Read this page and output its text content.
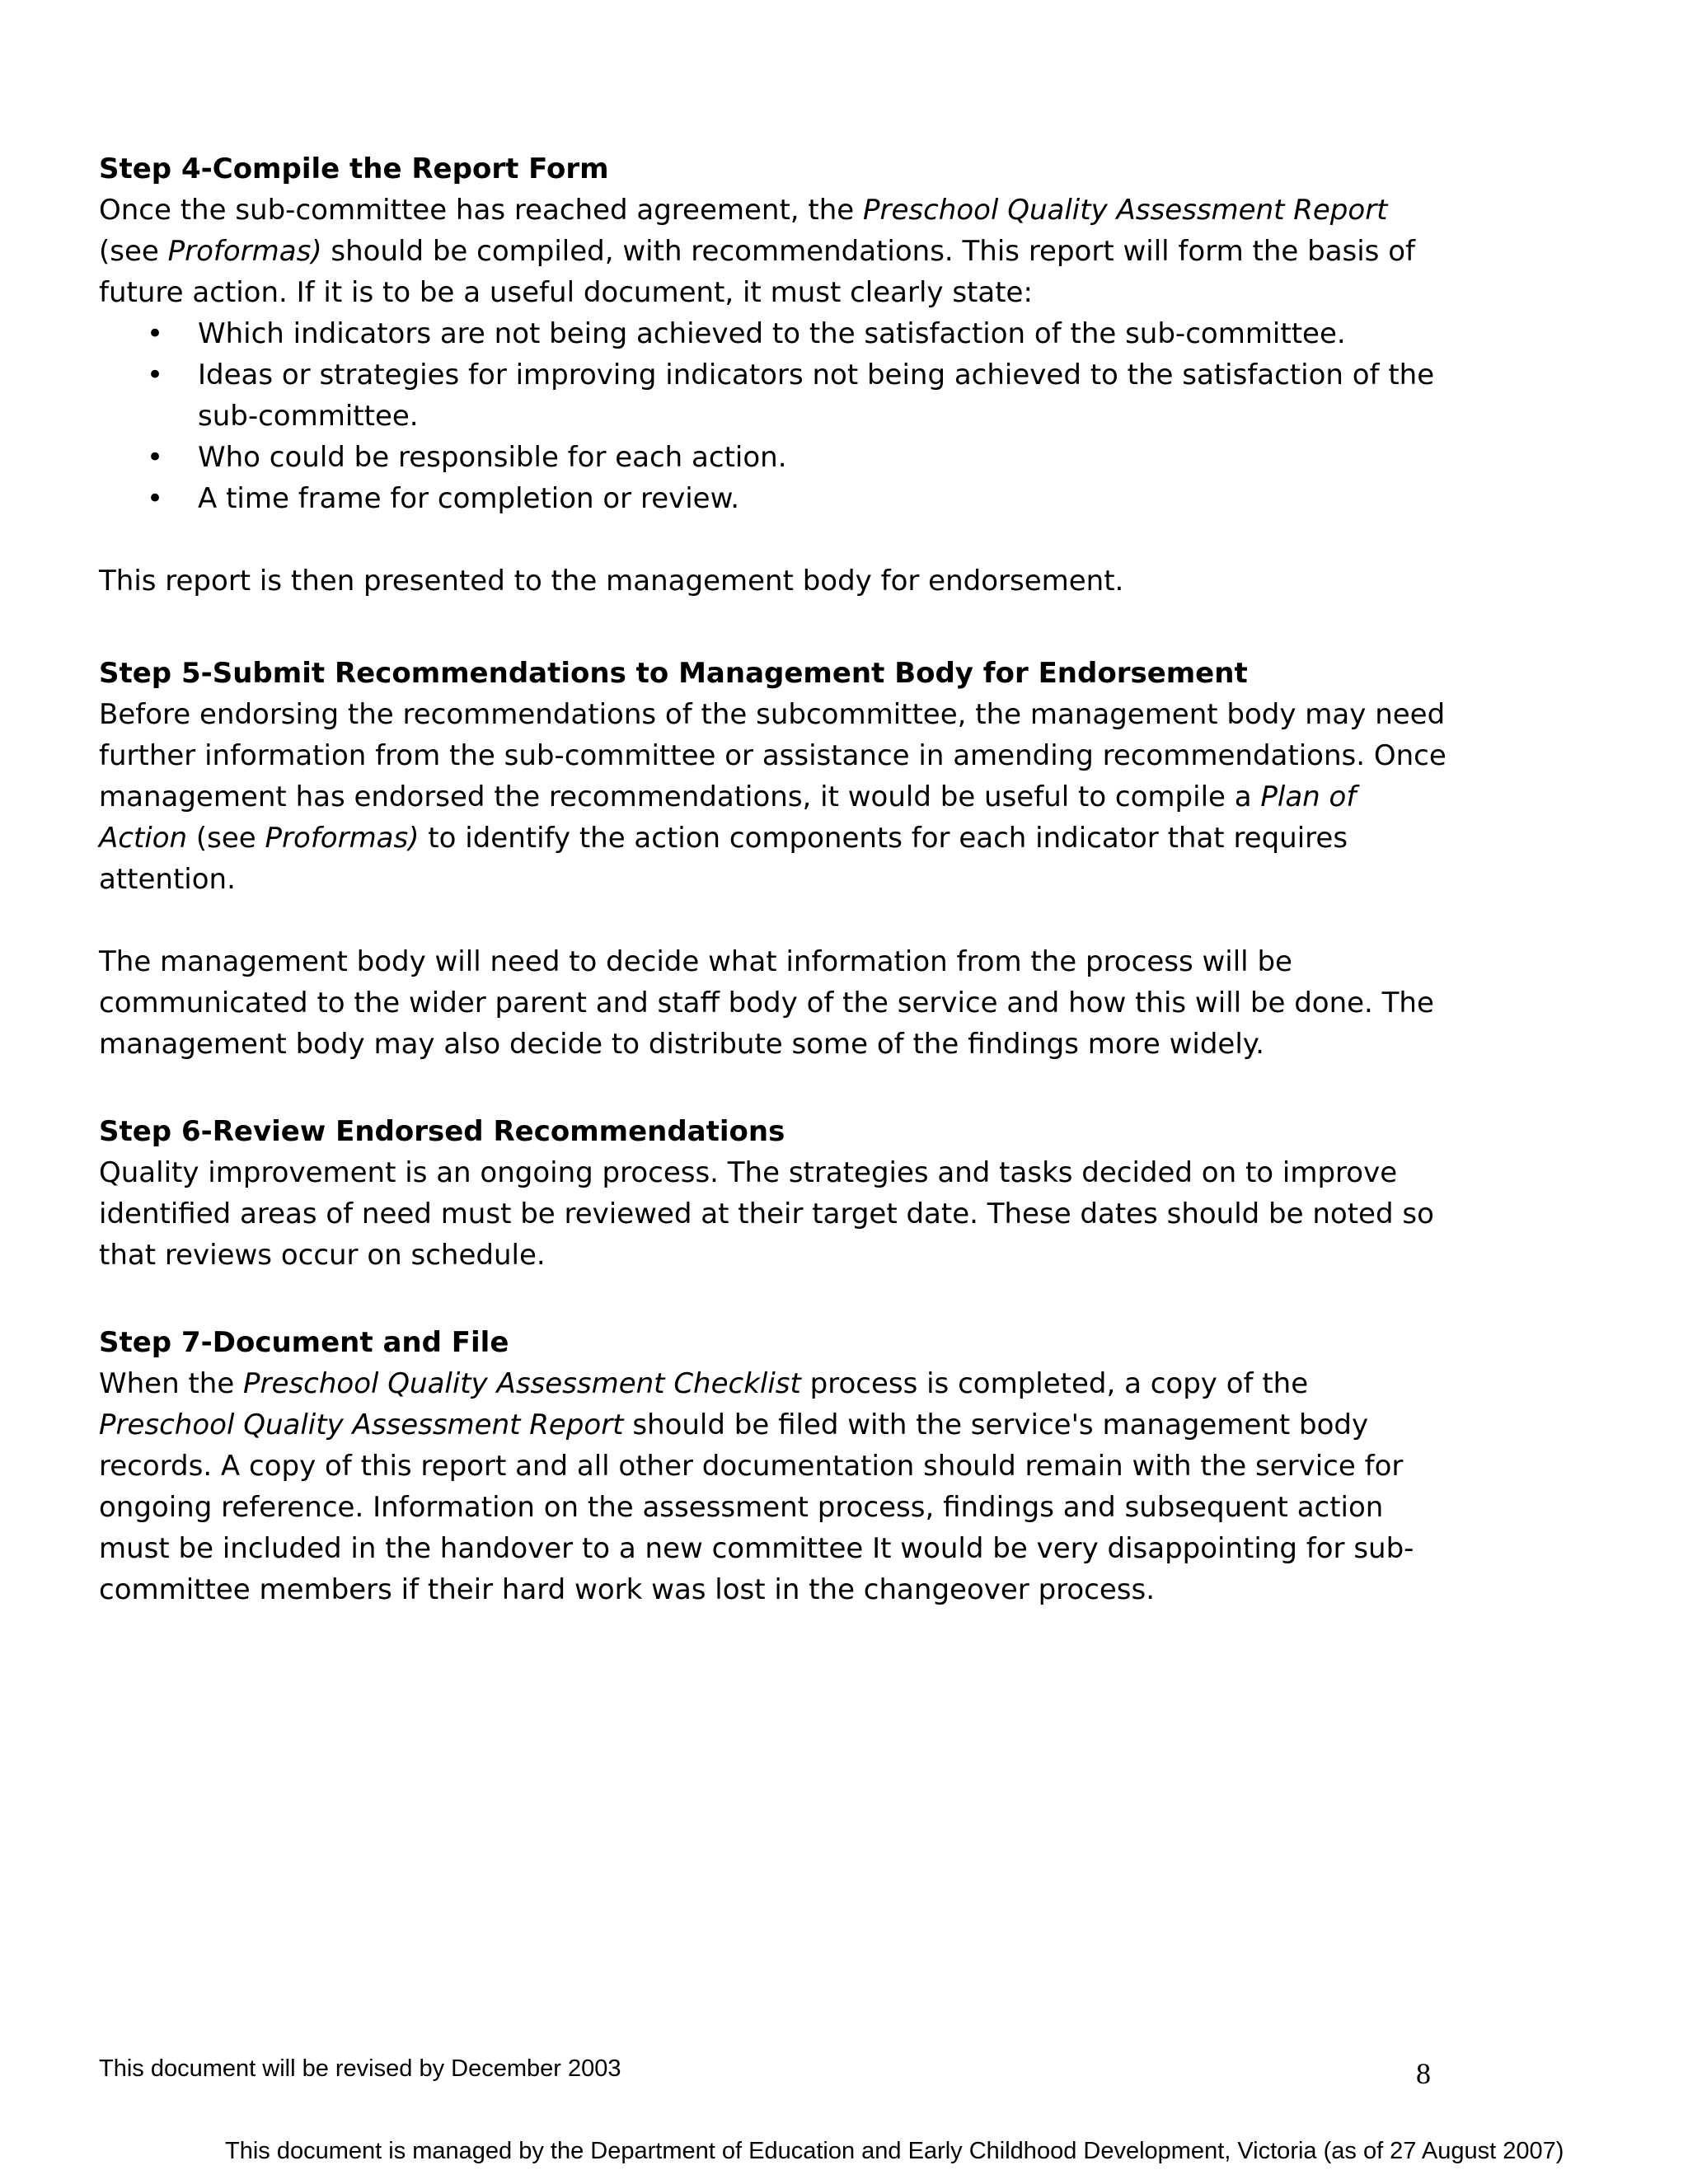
Step 4-Compile the Report Form

Once the sub-committee has reached agreement, the Preschool Quality Assessment Report (see Proformas) should be compiled, with recommendations. This report will form the basis of future action. If it is to be a useful document, it must clearly state:

• Which indicators are not being achieved to the satisfaction of the sub-committee.
• Ideas or strategies for improving indicators not being achieved to the satisfaction of the sub-committee.
• Who could be responsible for each action.
• A time frame for completion or review.

This report is then presented to the management body for endorsement.

Step 5-Submit Recommendations to Management Body for Endorsement

Before endorsing the recommendations of the subcommittee, the management body may need further information from the sub-committee or assistance in amending recommendations. Once management has endorsed the recommendations, it would be useful to compile a Plan of Action (see Proformas) to identify the action components for each indicator that requires attention.

The management body will need to decide what information from the process will be communicated to the wider parent and staff body of the service and how this will be done. The management body may also decide to distribute some of the findings more widely.

Step 6-Review Endorsed Recommendations

Quality improvement is an ongoing process. The strategies and tasks decided on to improve identified areas of need must be reviewed at their target date. These dates should be noted so that reviews occur on schedule.

Step 7-Document and File

When the Preschool Quality Assessment Checklist process is completed, a copy of the Preschool Quality Assessment Report should be filed with the service's management body records. A copy of this report and all other documentation should remain with the service for ongoing reference. Information on the assessment process, findings and subsequent action must be included in the handover to a new committee It would be very disappointing for sub-committee members if their hard work was lost in the changeover process.

This document will be revised by December 2003	8
This document is managed by the Department of Education and Early Childhood Development, Victoria (as of 27 August 2007)
